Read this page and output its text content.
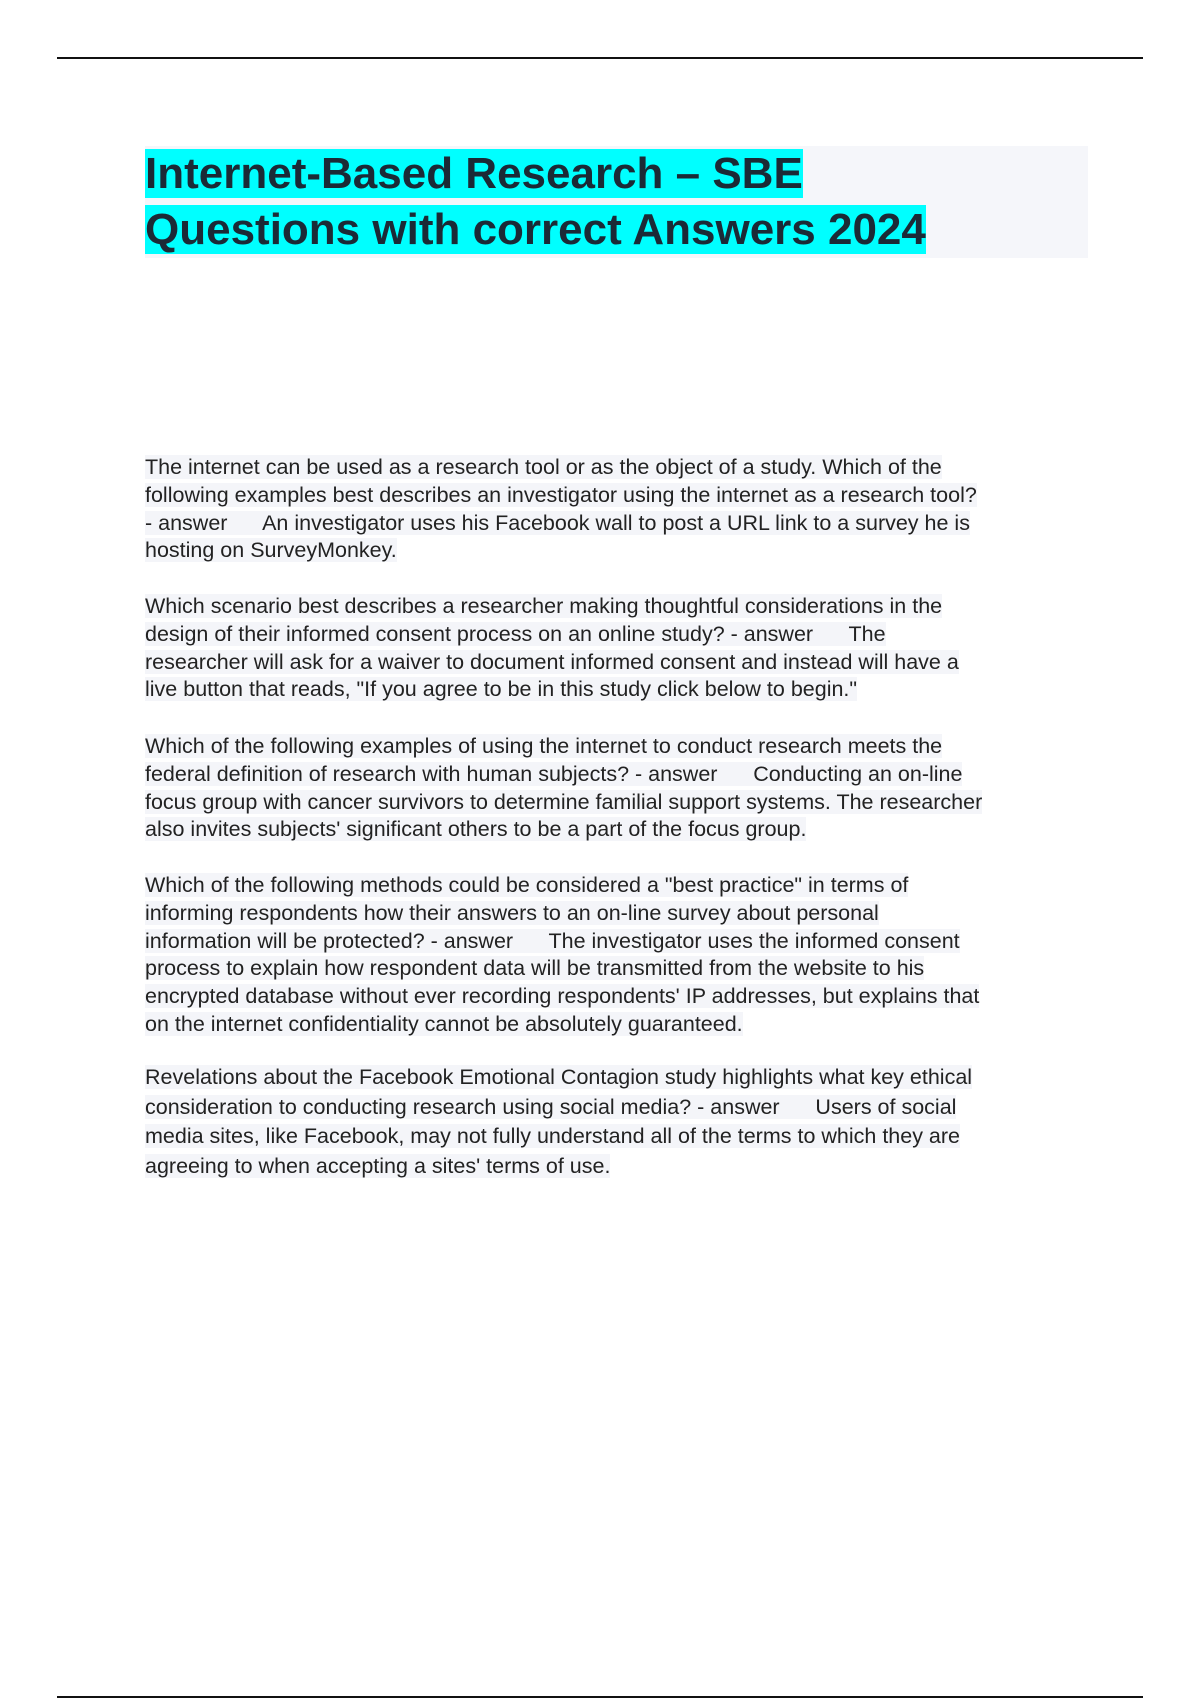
Internet-Based Research – SBE
Questions with correct Answers 2024
The internet can be used as a research tool or as the object of a study. Which of the
following examples best describes an investigator using the internet as a research tool?
- answer      An investigator uses his Facebook wall to post a URL link to a survey he is
hosting on SurveyMonkey.
Which scenario best describes a researcher making thoughtful considerations in the
design of their informed consent process on an online study? - answer      The
researcher will ask for a waiver to document informed consent and instead will have a
live button that reads, "If you agree to be in this study click below to begin."
Which of the following examples of using the internet to conduct research meets the
federal definition of research with human subjects? - answer      Conducting an on-line
focus group with cancer survivors to determine familial support systems. The researcher
also invites subjects' significant others to be a part of the focus group.
Which of the following methods could be considered a "best practice" in terms of
informing respondents how their answers to an on-line survey about personal
information will be protected? - answer      The investigator uses the informed consent
process to explain how respondent data will be transmitted from the website to his
encrypted database without ever recording respondents' IP addresses, but explains that
on the internet confidentiality cannot be absolutely guaranteed.
Revelations about the Facebook Emotional Contagion study highlights what key ethical
consideration to conducting research using social media? - answer      Users of social
media sites, like Facebook, may not fully understand all of the terms to which they are
agreeing to when accepting a sites' terms of use.
